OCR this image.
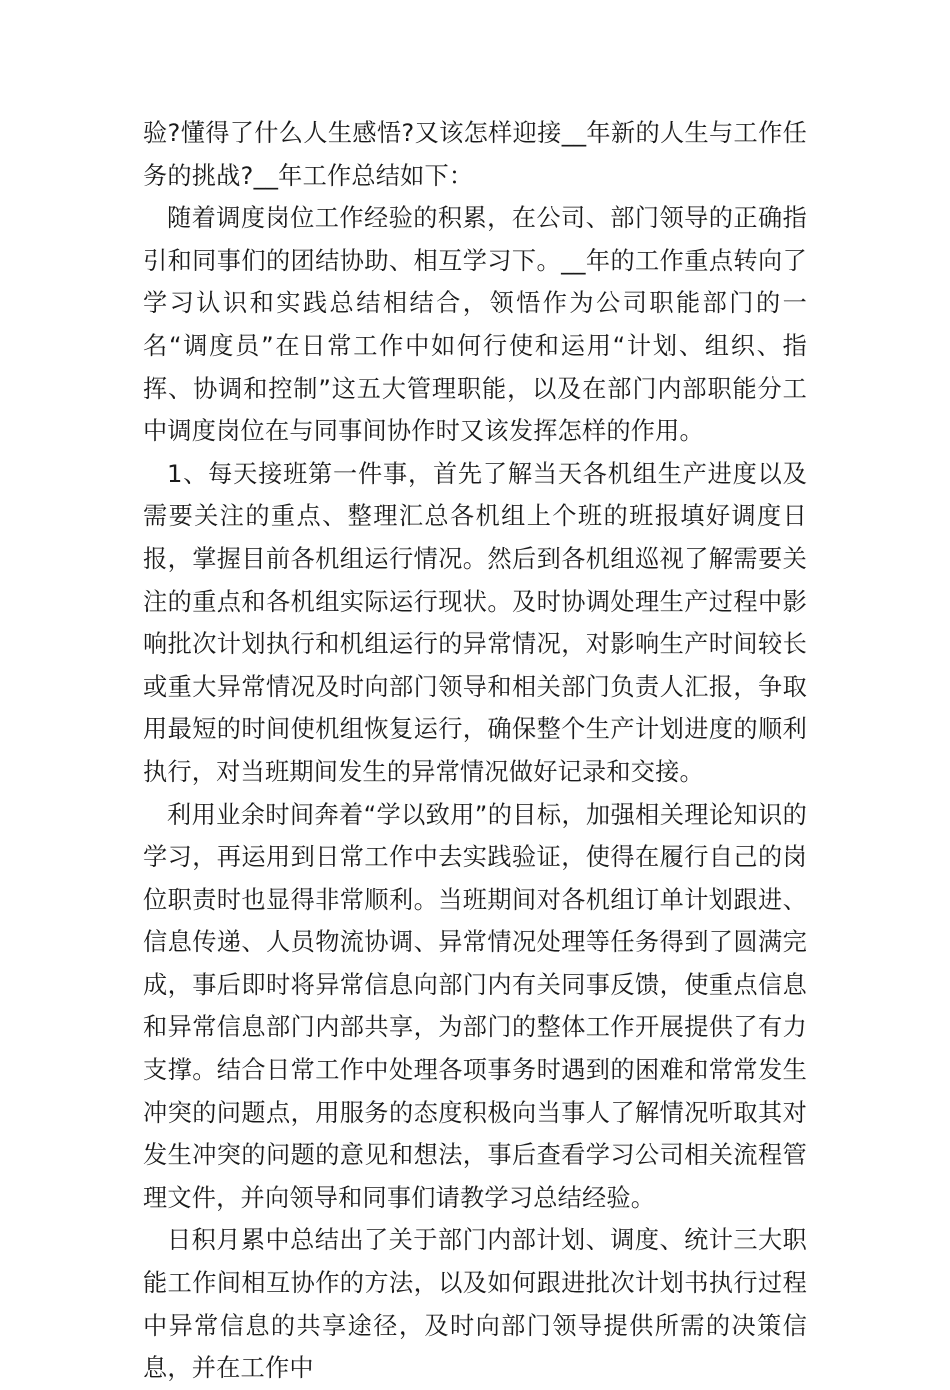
验?懂得了什么人生感悟?又该怎样迎接__年新的人生与工作任务的挑战?__年工作总结如下：

随着调度岗位工作经验的积累，在公司、部门领导的正确指引和同事们的团结协助、相互学习下。__年的工作重点转向了学习认识和实践总结相结合，领悟作为公司职能部门的一名“调度员”在日常工作中如何行使和运用“计划、组织、指挥、协调和控制”这五大管理职能，以及在部门内部职能分工中调度岗位在与同事间协作时又该发挥怎样的作用。

1、每天接班第一件事，首先了解当天各机组生产进度以及需要关注的重点、整理汇总各机组上个班的班报填好调度日报，掌握目前各机组运行情况。然后到各机组巡视了解需要关注的重点和各机组实际运行现状。及时协调处理生产过程中影响批次计划执行和机组运行的异常情况，对影响生产时间较长或重大异常情况及时向部门领导和相关部门负责人汇报，争取用最短的时间使机组恢复运行，确保整个生产计划进度的顺利执行，对当班期间发生的异常情况做好记录和交接。

利用业余时间奔着“学以致用”的目标，加强相关理论知识的学习，再运用到日常工作中去实践验证，使得在履行自己的岗位职责时也显得非常顺利。当班期间对各机组订单计划跟进、信息传递、人员物流协调、异常情况处理等任务得到了圆满完成，事后即时将异常信息向部门内有关同事反馈，使重点信息和异常信息部门内部共享，为部门的整体工作开展提供了有力支撑。结合日常工作中处理各项事务时遇到的困难和常常发生冲突的问题点，用服务的态度积极向当事人了解情况听取其对发生冲突的问题的意见和想法，事后查看学习公司相关流程管理文件，并向领导和同事们请教学习总结经验。

日积月累中总结出了关于部门内部计划、调度、统计三大职能工作间相互协作的方法，以及如何跟进批次计划书执行过程中异常信息的共享途径，及时向部门领导提供所需的决策信息，并在工作中
